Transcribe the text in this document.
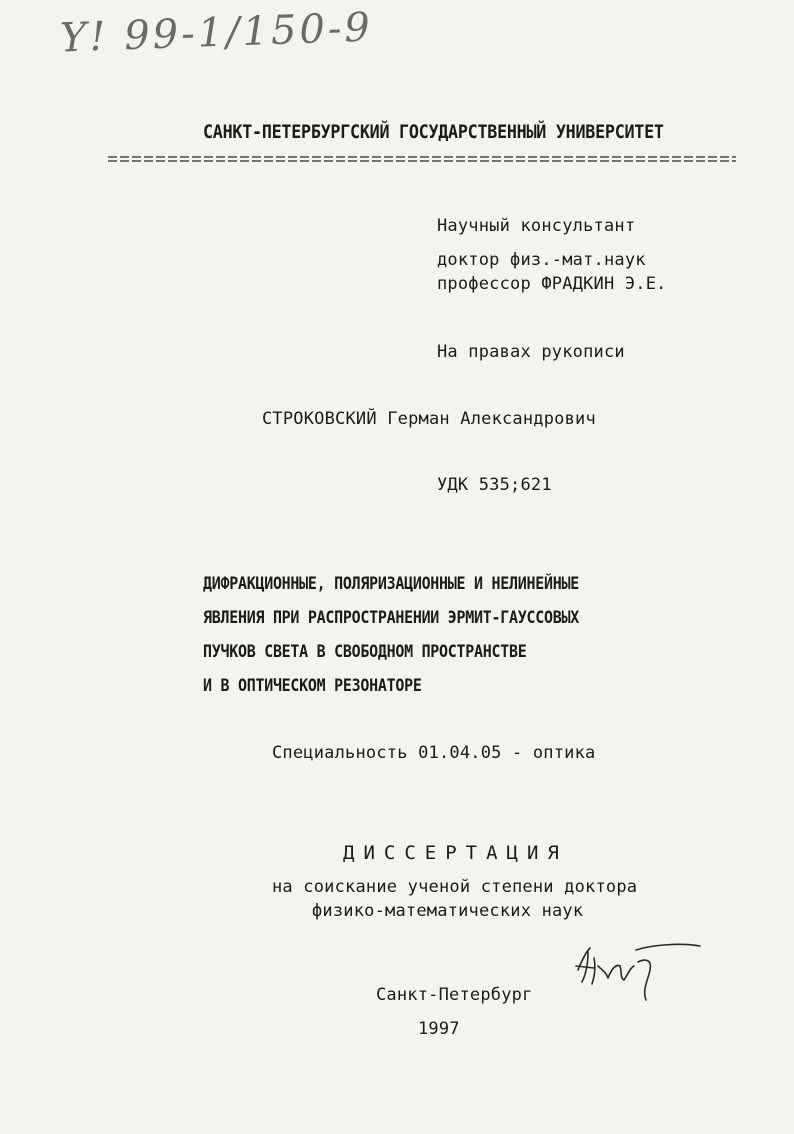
Y! 99-1/150-9
САНКТ-ПЕТЕРБУРГСКИЙ ГОСУДАРСТВЕННЫЙ УНИВЕРСИТЕТ
Научный консультант
доктор физ.-мат.наук
профессор ФРАДКИН Э.Е.
На правах рукописи
СТРОКОВСКИЙ Герман Александрович
УДК 535;621
ДИФРАКЦИОННЫЕ, ПОЛЯРИЗАЦИОННЫЕ И НЕЛИНЕЙНЫЕ
ЯВЛЕНИЯ ПРИ РАСПРОСТРАНЕНИИ ЭРМИТ-ГАУССОВЫХ
ПУЧКОВ СВЕТА В СВОБОДНОМ ПРОСТРАНСТВЕ
И В ОПТИЧЕСКОМ РЕЗОНАТОРЕ
Специальность 01.04.05 - оптика
ДИССЕРТАЦИЯ
на соискание ученой степени доктора
физико-математических наук
Санкт-Петербург
1997
